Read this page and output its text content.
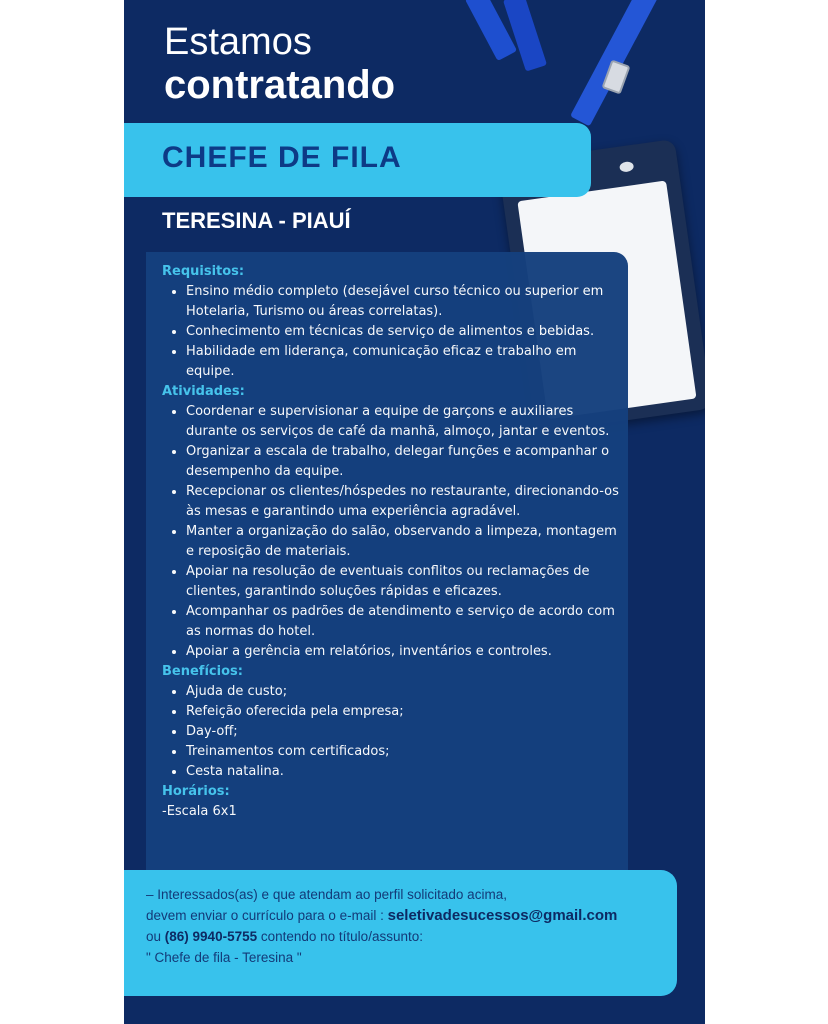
Estamos
contratando
CHEFE DE FILA
TERESINA - PIAUÍ
Requisitos:
• Ensino médio completo (desejável curso técnico ou superior em Hotelaria, Turismo ou áreas correlatas).
• Conhecimento em técnicas de serviço de alimentos e bebidas.
• Habilidade em liderança, comunicação eficaz e trabalho em equipe.
Atividades:
• Coordenar e supervisionar a equipe de garçons e auxiliares durante os serviços de café da manhã, almoço, jantar e eventos.
• Organizar a escala de trabalho, delegar funções e acompanhar o desempenho da equipe.
• Recepcionar os clientes/hóspedes no restaurante, direcionando-os às mesas e garantindo uma experiência agradável.
• Manter a organização do salão, observando a limpeza, montagem e reposição de materiais.
• Apoiar na resolução de eventuais conflitos ou reclamações de clientes, garantindo soluções rápidas e eficazes.
• Acompanhar os padrões de atendimento e serviço de acordo com as normas do hotel.
• Apoiar a gerência em relatórios, inventários e controles.
Benefícios:
• Ajuda de custo;
• Refeição oferecida pela empresa;
• Day-off;
• Treinamentos com certificados;
• Cesta natalina.
Horários:
-Escala 6x1
– Interessados(as) e que atendam ao perfil solicitado acima,
devem enviar o currículo para o e-mail : seletivadesucessos@gmail.com
ou (86) 9940-5755 contendo no título/assunto:
" Chefe de fila - Teresina "
